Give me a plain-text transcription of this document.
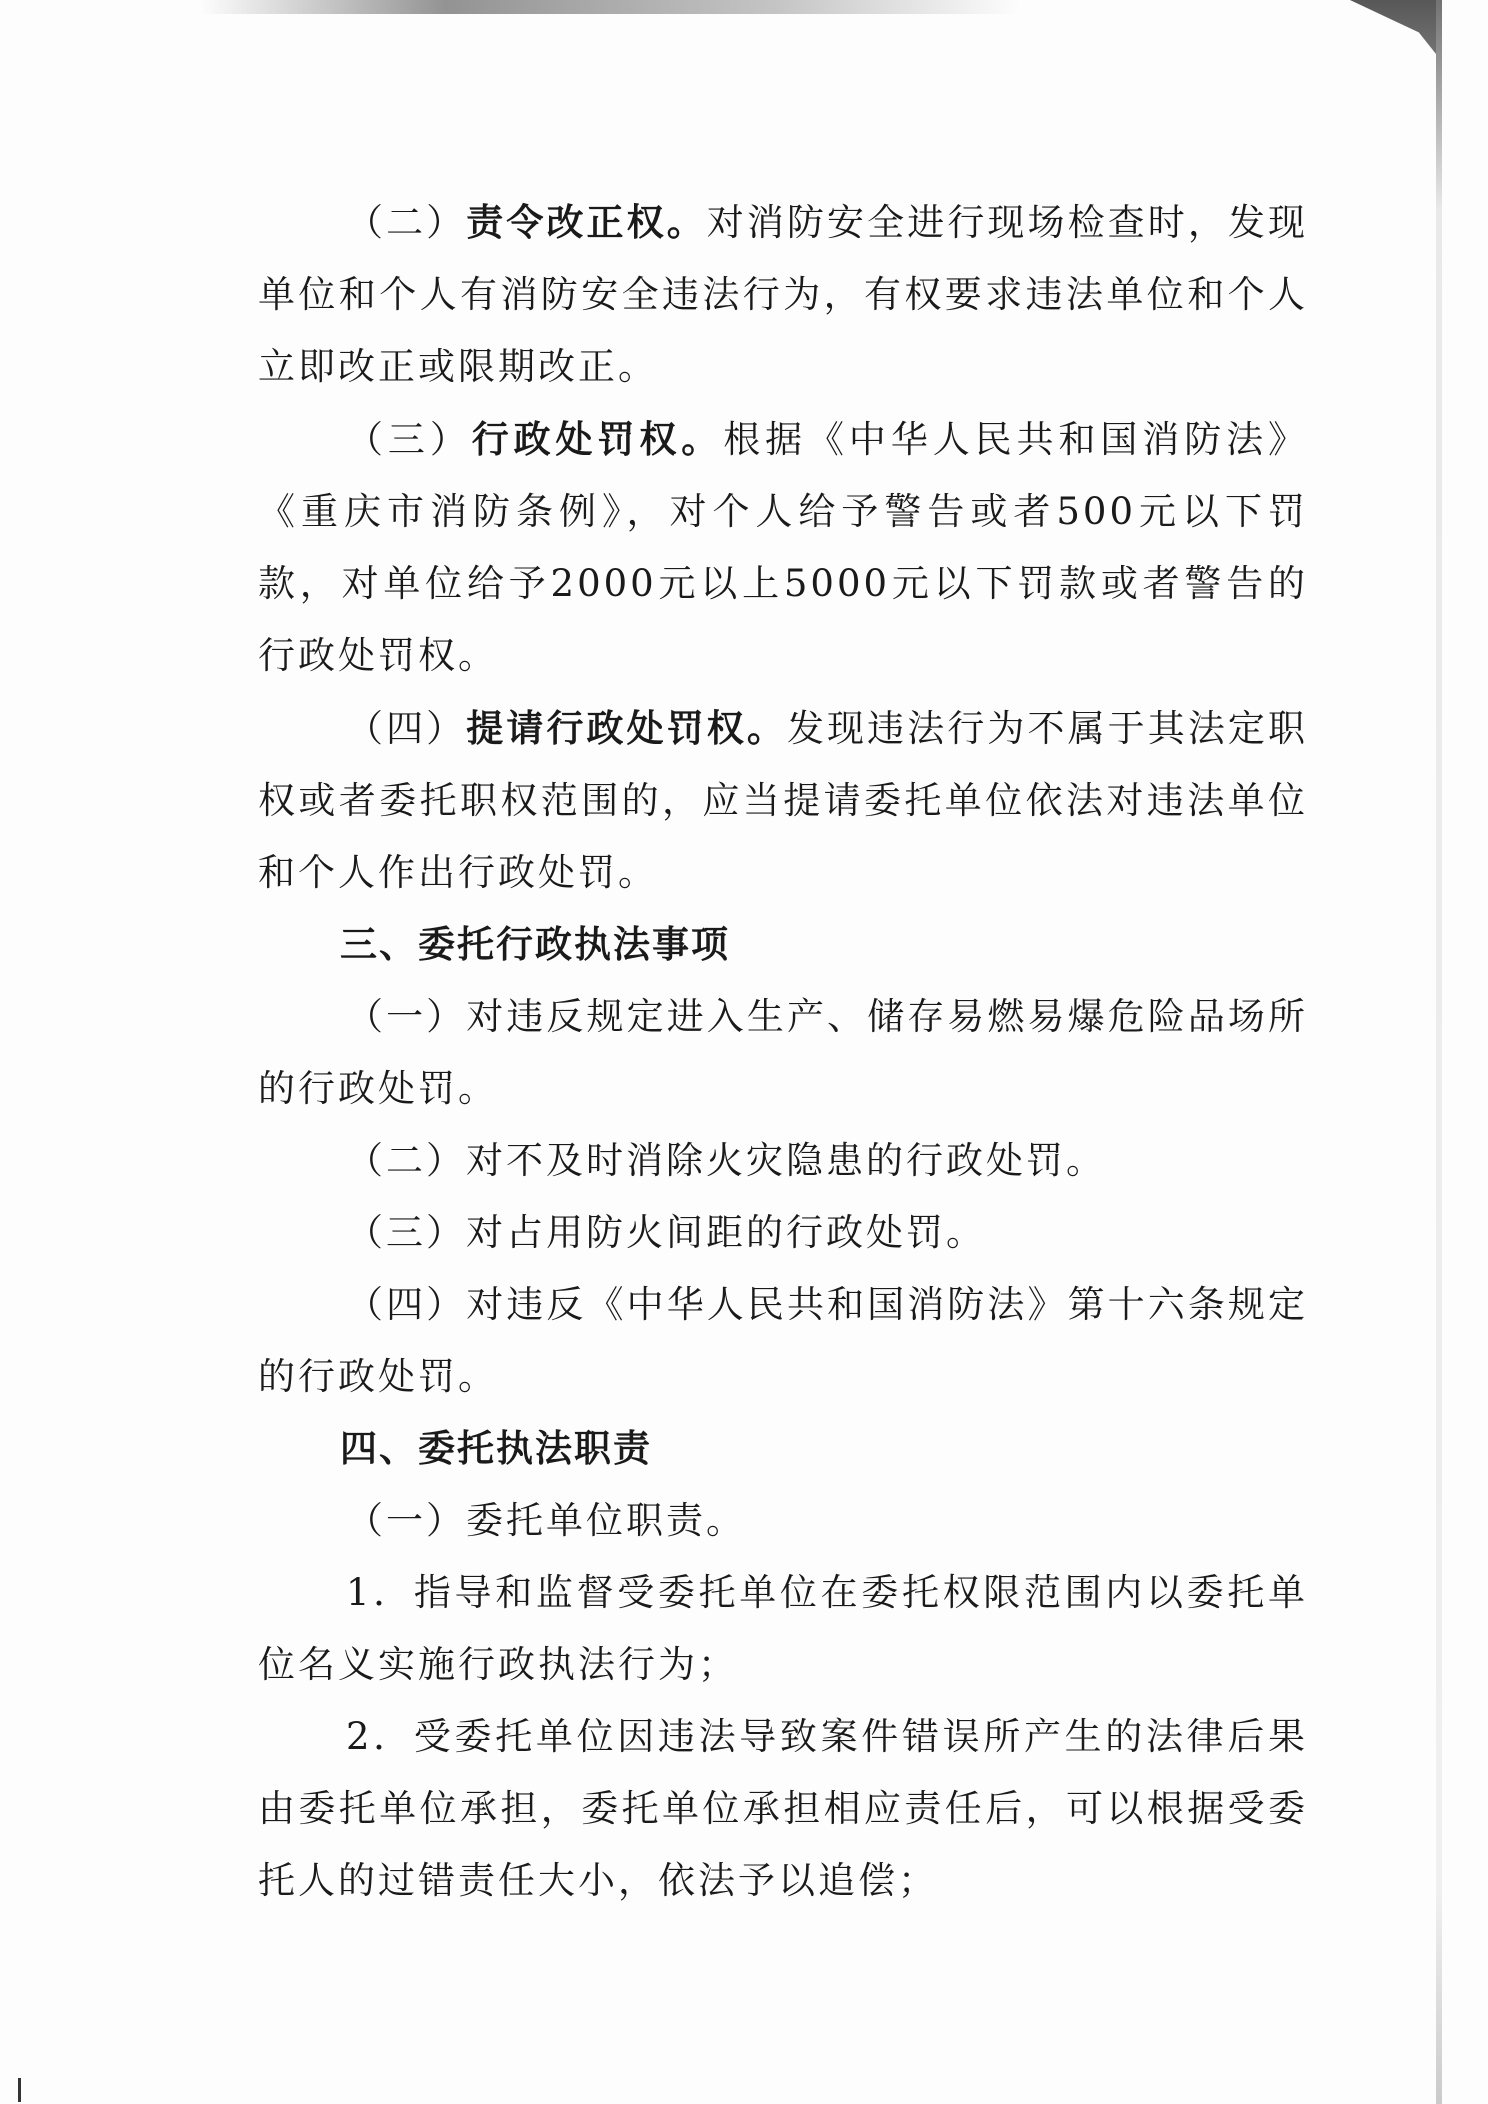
（二）责令改正权。对消防安全进行现场检查时，发现单位和个人有消防安全违法行为，有权要求违法单位和个人立即改正或限期改正。

（三）行政处罚权。根据《中华人民共和国消防法》《重庆市消防条例》，对个人给予警告或者500元以下罚款，对单位给予2000元以上5000元以下罚款或者警告的行政处罚权。

（四）提请行政处罚权。发现违法行为不属于其法定职权或者委托职权范围的，应当提请委托单位依法对违法单位和个人作出行政处罚。

三、委托行政执法事项

（一）对违反规定进入生产、储存易燃易爆危险品场所的行政处罚。

（二）对不及时消除火灾隐患的行政处罚。

（三）对占用防火间距的行政处罚。

（四）对违反《中华人民共和国消防法》第十六条规定的行政处罚。

四、委托执法职责

（一）委托单位职责。

1．指导和监督受委托单位在委托权限范围内以委托单位名义实施行政执法行为；

2．受委托单位因违法导致案件错误所产生的法律后果由委托单位承担，委托单位承担相应责任后，可以根据受委托人的过错责任大小，依法予以追偿；
